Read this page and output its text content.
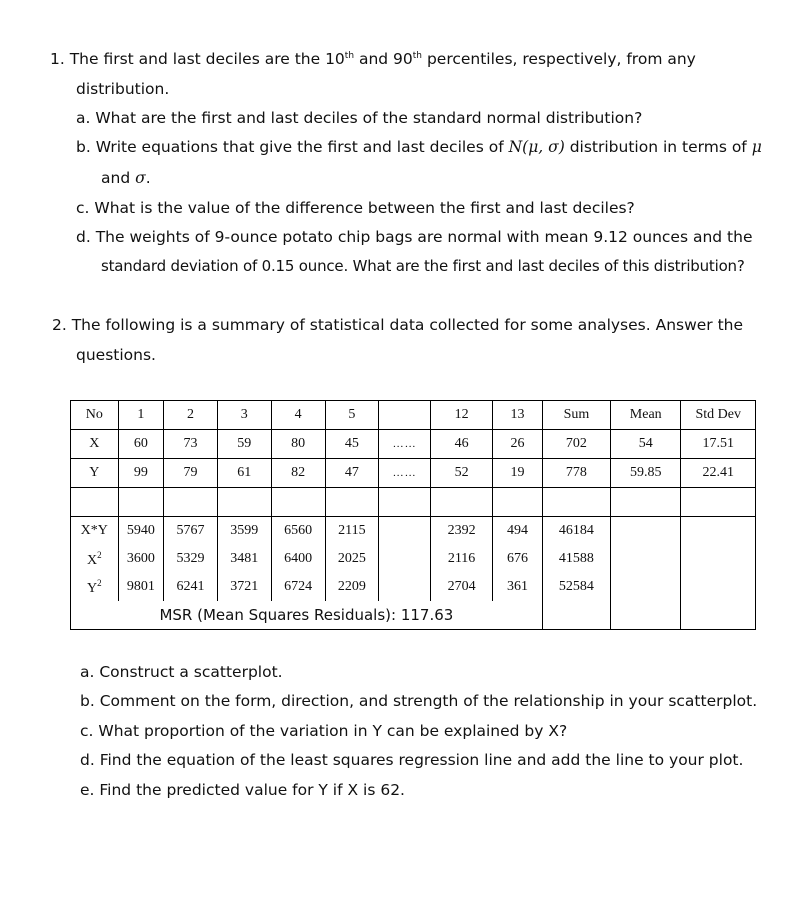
1. The first and last deciles are the 10th and 90th percentiles, respectively, from any
distribution.
a. What are the first and last deciles of the standard normal distribution?
b. Write equations that give the first and last deciles of N(μ, σ) distribution in terms of μ
and σ.
c. What is the value of the difference between the first and last deciles?
d. The weights of 9-ounce potato chip bags are normal with mean 9.12 ounces and the
standard deviation of 0.15 ounce. What are the first and last deciles of this distribution?
2. The following is a summary of statistical data collected for some analyses. Answer the
questions.
No	1	2	3	4	5		12	13	Sum	Mean	Std Dev
X	60	73	59	80	45	……	46	26	702	54	17.51
Y	99	79	61	82	47	……	52	19	778	59.85	22.41

X*Y	5940	5767	3599	6560	2115		2392	494	46184		
$X^2$	3600	5329	3481	6400	2025		2116	676	41588		
$Y^2$	9801	6241	3721	6724	2209		2704	361	52584		
MSR (Mean Squares Residuals): 117.63											
a. Construct a scatterplot.
b. Comment on the form, direction, and strength of the relationship in your scatterplot.
c. What proportion of the variation in Y can be explained by X?
d. Find the equation of the least squares regression line and add the line to your plot.
e. Find the predicted value for Y if X is 62.
